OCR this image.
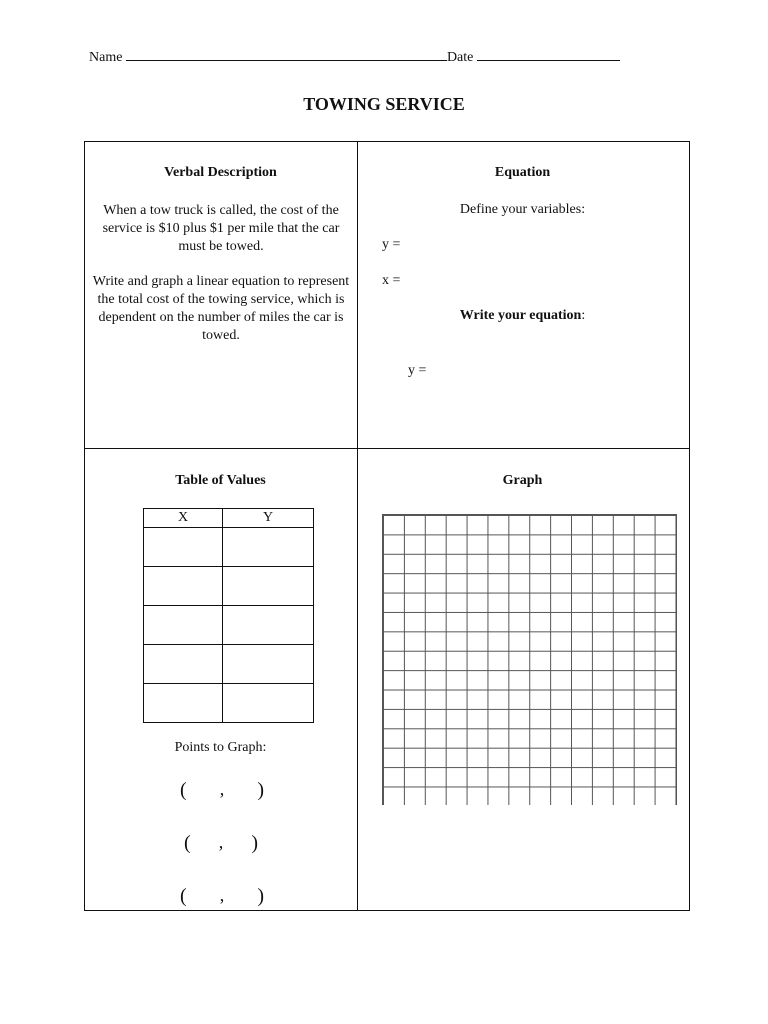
Name	Date
TOWING SERVICE
Verbal Description
When a tow truck is called, the cost of the service is $10 plus $1 per mile that the car must be towed.
Write and graph a linear equation to represent the total cost of the towing service, which is dependent on the number of miles the car is towed.
Equation
Define your variables:
y =
x =
Write your equation:
y =
Table of Values
X	Y

Points to Graph:
( , )
( , )
( , )
Graph
